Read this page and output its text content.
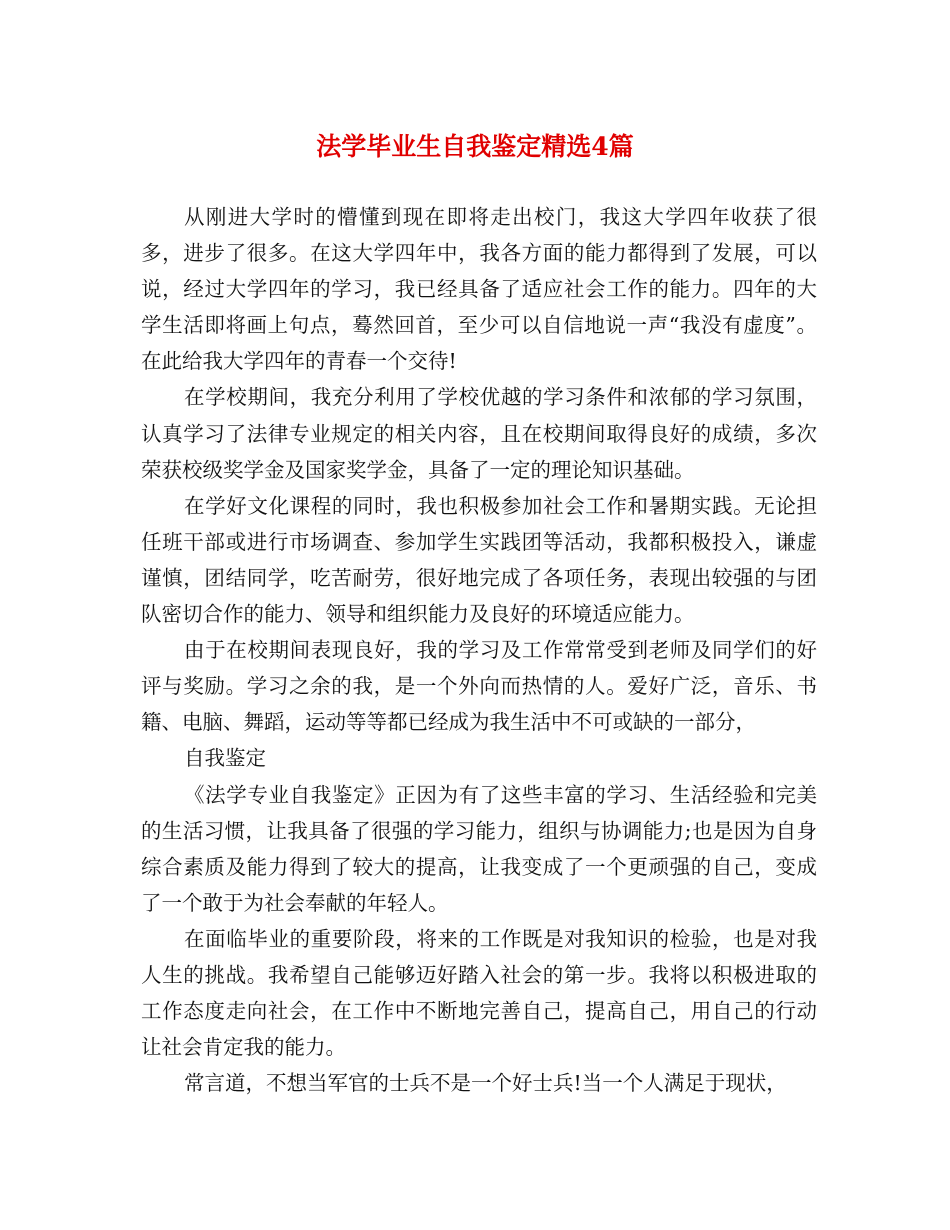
法学毕业生自我鉴定精选4篇

从刚进大学时的懵懂到现在即将走出校门，我这大学四年收获了很多，进步了很多。在这大学四年中，我各方面的能力都得到了发展，可以说，经过大学四年的学习，我已经具备了适应社会工作的能力。四年的大学生活即将画上句点，蓦然回首，至少可以自信地说一声“我没有虚度”。在此给我大学四年的青春一个交待!

在学校期间，我充分利用了学校优越的学习条件和浓郁的学习氛围，认真学习了法律专业规定的相关内容，且在校期间取得良好的成绩，多次荣获校级奖学金及国家奖学金，具备了一定的理论知识基础。

在学好文化课程的同时，我也积极参加社会工作和暑期实践。无论担任班干部或进行市场调查、参加学生实践团等活动，我都积极投入，谦虚谨慎，团结同学，吃苦耐劳，很好地完成了各项任务，表现出较强的与团队密切合作的能力、领导和组织能力及良好的环境适应能力。

由于在校期间表现良好，我的学习及工作常常受到老师及同学们的好评与奖励。学习之余的我，是一个外向而热情的人。爱好广泛，音乐、书籍、电脑、舞蹈，运动等等都已经成为我生活中不可或缺的一部分，

自我鉴定

《法学专业自我鉴定》正因为有了这些丰富的学习、生活经验和完美的生活习惯，让我具备了很强的学习能力，组织与协调能力;也是因为自身综合素质及能力得到了较大的提高，让我变成了一个更顽强的自己，变成了一个敢于为社会奉献的年轻人。

在面临毕业的重要阶段，将来的工作既是对我知识的检验，也是对我人生的挑战。我希望自己能够迈好踏入社会的第一步。我将以积极进取的工作态度走向社会，在工作中不断地完善自己，提高自己，用自己的行动让社会肯定我的能力。

常言道，不想当军官的士兵不是一个好士兵!当一个人满足于现状，
